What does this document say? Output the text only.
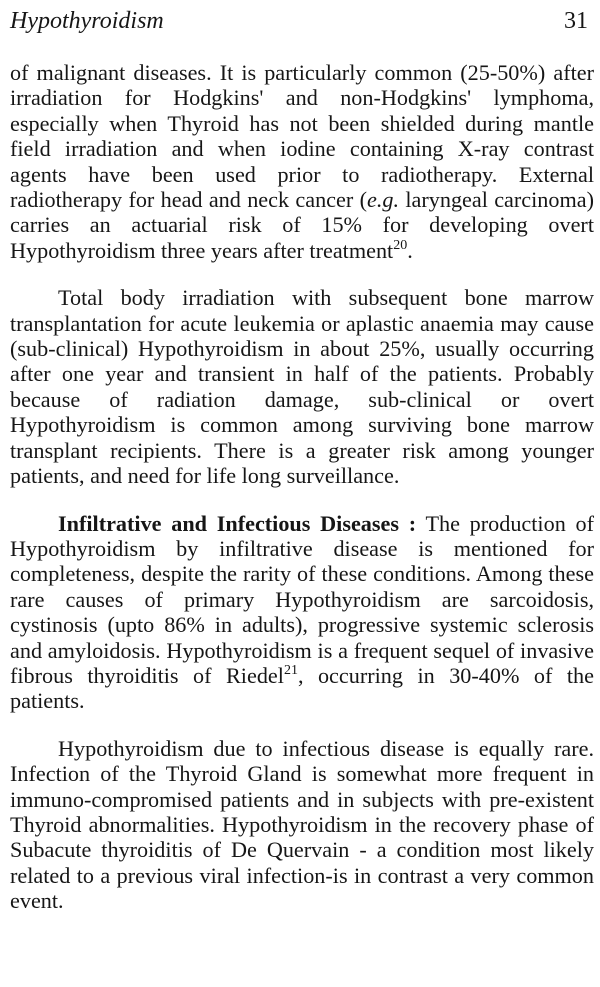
Hypothyroidism	31

of malignant diseases. It is particularly common (25-50%) after irradiation for Hodgkins' and non-Hodgkins' lymphoma, especially when Thyroid has not been shielded during mantle field irradiation and when iodine containing X-ray contrast agents have been used prior to radiotherapy. External radiotherapy for head and neck cancer (e.g. laryngeal carcinoma) carries an actuarial risk of 15% for developing overt Hypothyroidism three years after treatment$^{20}$.

Total body irradiation with subsequent bone marrow transplantation for acute leukemia or aplastic anaemia may cause (sub-clinical) Hypothyroidism in about 25%, usually occurring after one year and transient in half of the patients. Probably because of radiation damage, sub-clinical or overt Hypothyroidism is common among surviving bone marrow transplant recipients. There is a greater risk among younger patients, and need for life long surveillance.

Infiltrative and Infectious Diseases : The production of Hypothyroidism by infiltrative disease is mentioned for completeness, despite the rarity of these conditions. Among these rare causes of primary Hypothyroidism are sarcoidosis, cystinosis (upto 86% in adults), progressive systemic sclerosis and amyloidosis. Hypothyroidism is a frequent sequel of invasive fibrous thyroiditis of Riedel$^{21}$, occurring in 30-40% of the patients.

Hypothyroidism due to infectious disease is equally rare. Infection of the Thyroid Gland is somewhat more frequent in immuno-compromised patients and in subjects with pre-existent Thyroid abnormalities. Hypothyroidism in the recovery phase of Subacute thyroiditis of De Quervain - a condition most likely related to a previous viral infection-is in contrast a very common event.
